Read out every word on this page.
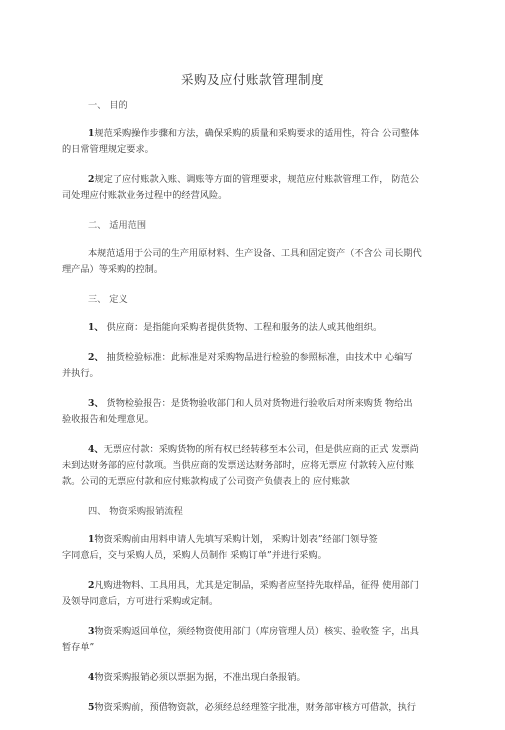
采购及应付账款管理制度

一、 目的

1规范采购操作步骤和方法，确保采购的质量和采购要求的适用性，符合 公司整体
的日常管理规定要求。
2规定了应付账款入账、调账等方面的管理要求，规范应付账款管理工作， 防范公
司处理应付账款业务过程中的经营风险。

二、 适用范围

本规范适用于公司的生产用原材料、生产设备、工具和固定资产（不含公 司长期代
理产品）等采购的控制。

三、 定义

1、 供应商：是指能向采购者提供货物、工程和服务的法人或其他组织。
2、 抽货检验标准：此标准是对采购物品进行检验的参照标准，由技术中 心编写
并执行。
3、 货物检验报告：是货物验收部门和人员对货物进行验收后对所来购货 物给出
验收报告和处理意见。
4、无票应付款：采购货物的所有权已经转移至本公司，但是供应商的正式 发票尚
未到达财务部的应付款项。当供应商的发票送达财务部时，应将无票应 付款转入应付账
款。公司的无票应付款和应付账款构成了公司资产负债表上的 应付账款

四、 物资采购报销流程

1物资采购前由用料申请人先填写采购计划， 采购计划表”经部门领导签
字同意后，交与采购人员，采购人员制作 采购订单”并进行采购。
2凡购进物料、工具用具，尤其是定制品，采购者应坚持先取样品，征得 使用部门
及领导同意后，方可进行采购或定制。
3物资采购返回单位，须经物资使用部门（库房管理人员）核实、验收签 字，出具
暂存单”
4物资采购报销必须以票据为据，不准出现白条报销。
5物资采购前，预借物资款，必须经总经理签字批准，财务部审核方可借款，执行
